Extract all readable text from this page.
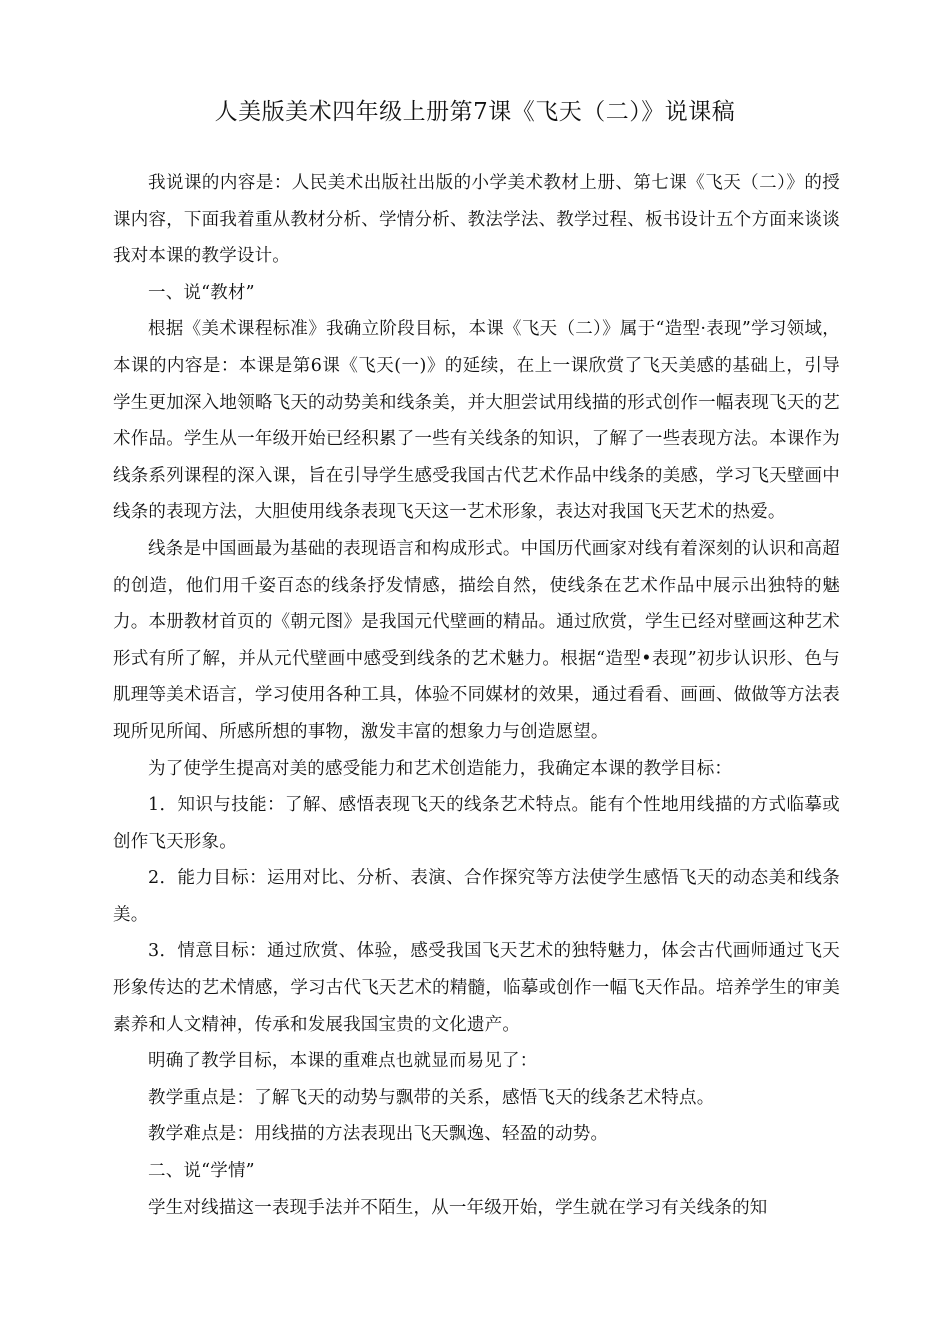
人美版美术四年级上册第7课《飞天（二）》说课稿

我说课的内容是：人民美术出版社出版的小学美术教材上册、第七课《飞天（二）》的授课内容，下面我着重从教材分析、学情分析、教法学法、教学过程、板书设计五个方面来谈谈我对本课的教学设计。

一、说“教材”

根据《美术课程标准》我确立阶段目标，本课《飞天（二）》属于“造型·表现”学习领域，本课的内容是：本课是第6课《飞天(一)》的延续，在上一课欣赏了飞天美感的基础上，引导学生更加深入地领略飞天的动势美和线条美，并大胆尝试用线描的形式创作一幅表现飞天的艺术作品。学生从一年级开始已经积累了一些有关线条的知识，了解了一些表现方法。本课作为线条系列课程的深入课，旨在引导学生感受我国古代艺术作品中线条的美感，学习飞天壁画中线条的表现方法，大胆使用线条表现飞天这一艺术形象，表达对我国飞天艺术的热爱。

线条是中国画最为基础的表现语言和构成形式。中国历代画家对线有着深刻的认识和高超的创造，他们用千姿百态的线条抒发情感，描绘自然，使线条在艺术作品中展示出独特的魅力。本册教材首页的《朝元图》是我国元代壁画的精品。通过欣赏，学生已经对壁画这种艺术形式有所了解，并从元代壁画中感受到线条的艺术魅力。根据“造型•表现”初步认识形、色与肌理等美术语言，学习使用各种工具，体验不同媒材的效果，通过看看、画画、做做等方法表现所见所闻、所感所想的事物，激发丰富的想象力与创造愿望。

为了使学生提高对美的感受能力和艺术创造能力，我确定本课的教学目标：

1．知识与技能：了解、感悟表现飞天的线条艺术特点。能有个性地用线描的方式临摹或创作飞天形象。

2．能力目标：运用对比、分析、表演、合作探究等方法使学生感悟飞天的动态美和线条美。

3．情意目标：通过欣赏、体验，感受我国飞天艺术的独特魅力，体会古代画师通过飞天形象传达的艺术情感，学习古代飞天艺术的精髓，临摹或创作一幅飞天作品。培养学生的审美素养和人文精神，传承和发展我国宝贵的文化遗产。

明确了教学目标，本课的重难点也就显而易见了：

教学重点是：了解飞天的动势与飘带的关系，感悟飞天的线条艺术特点。

教学难点是：用线描的方法表现出飞天飘逸、轻盈的动势。

二、说“学情”

学生对线描这一表现手法并不陌生，从一年级开始，学生就在学习有关线条的知
